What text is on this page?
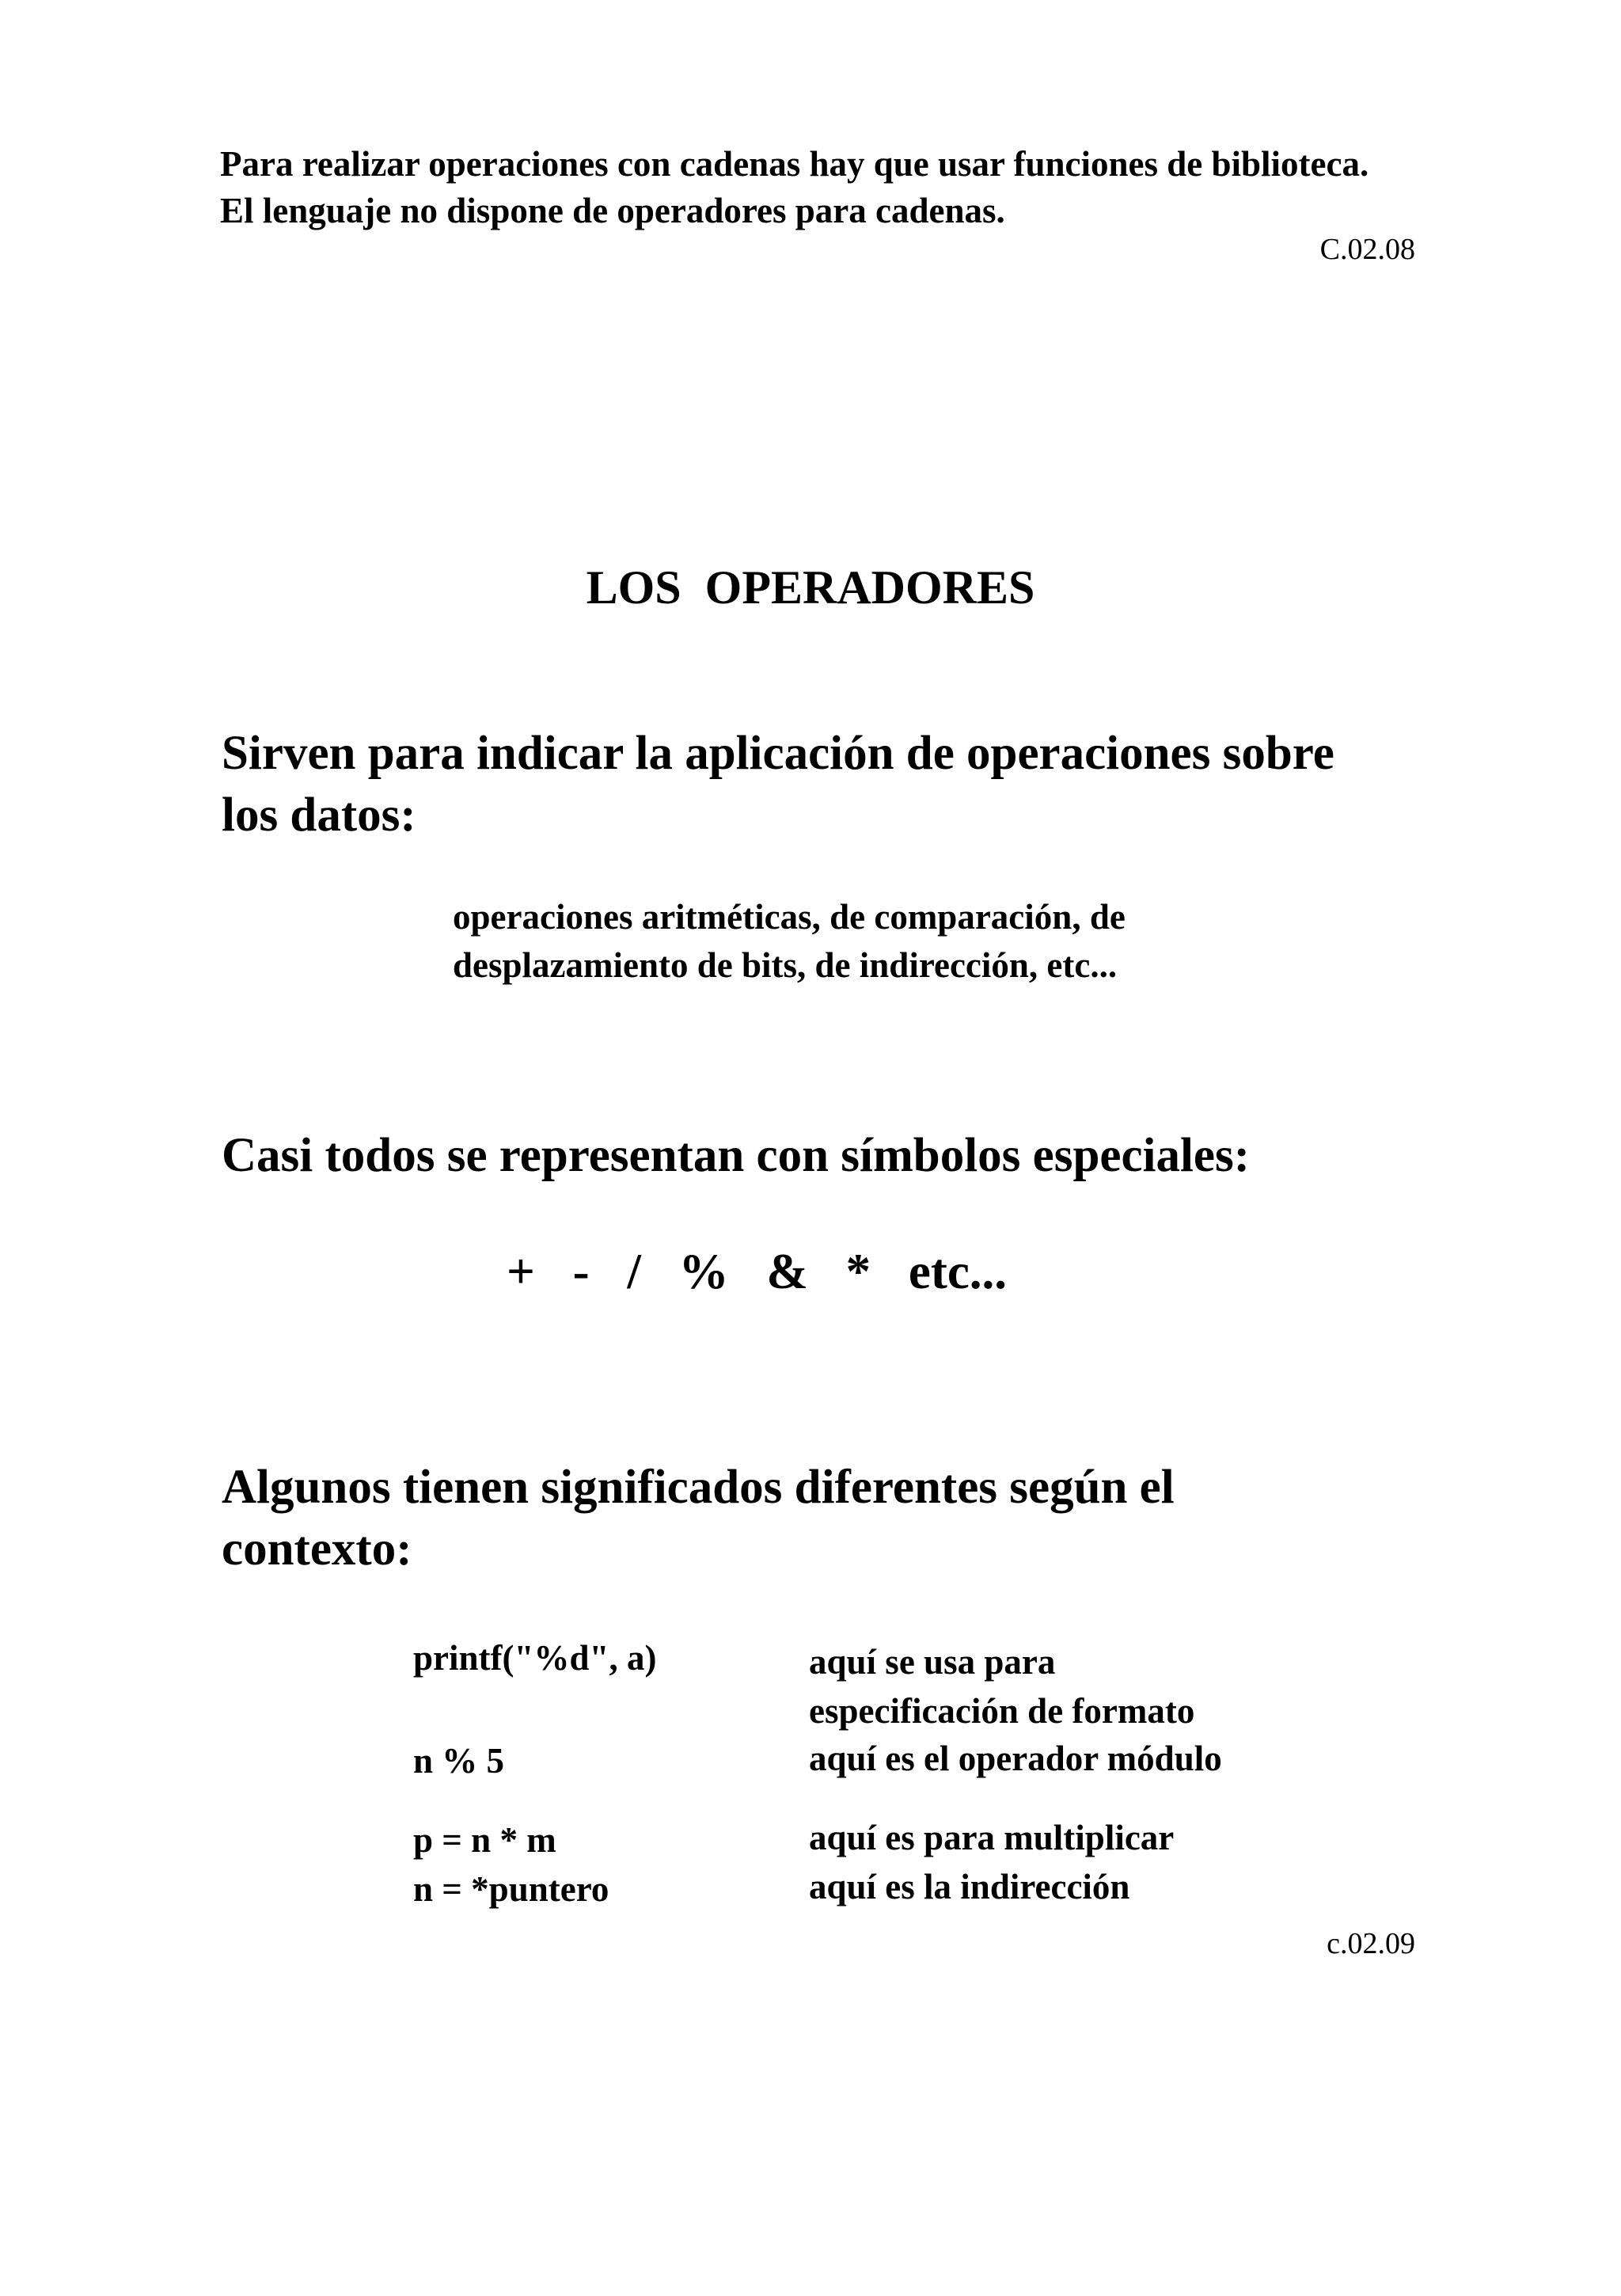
Para realizar operaciones con cadenas hay que usar funciones de biblioteca.
El lenguaje no dispone de operadores para cadenas.
C.02.08
LOS  OPERADORES
Sirven para indicar la aplicación de operaciones sobre
los datos:
operaciones aritméticas, de comparación, de
desplazamiento de bits, de indirección, etc...
Casi todos se representan con símbolos especiales:
+ - / % & * etc...
Algunos tienen significados diferentes según el
contexto:
printf("%d", a)	aquí se usa para
especificación de formato
n % 5	aquí es el operador módulo
p = n * m	aquí es para multiplicar
n = *puntero	aquí es la indirección
c.02.09
